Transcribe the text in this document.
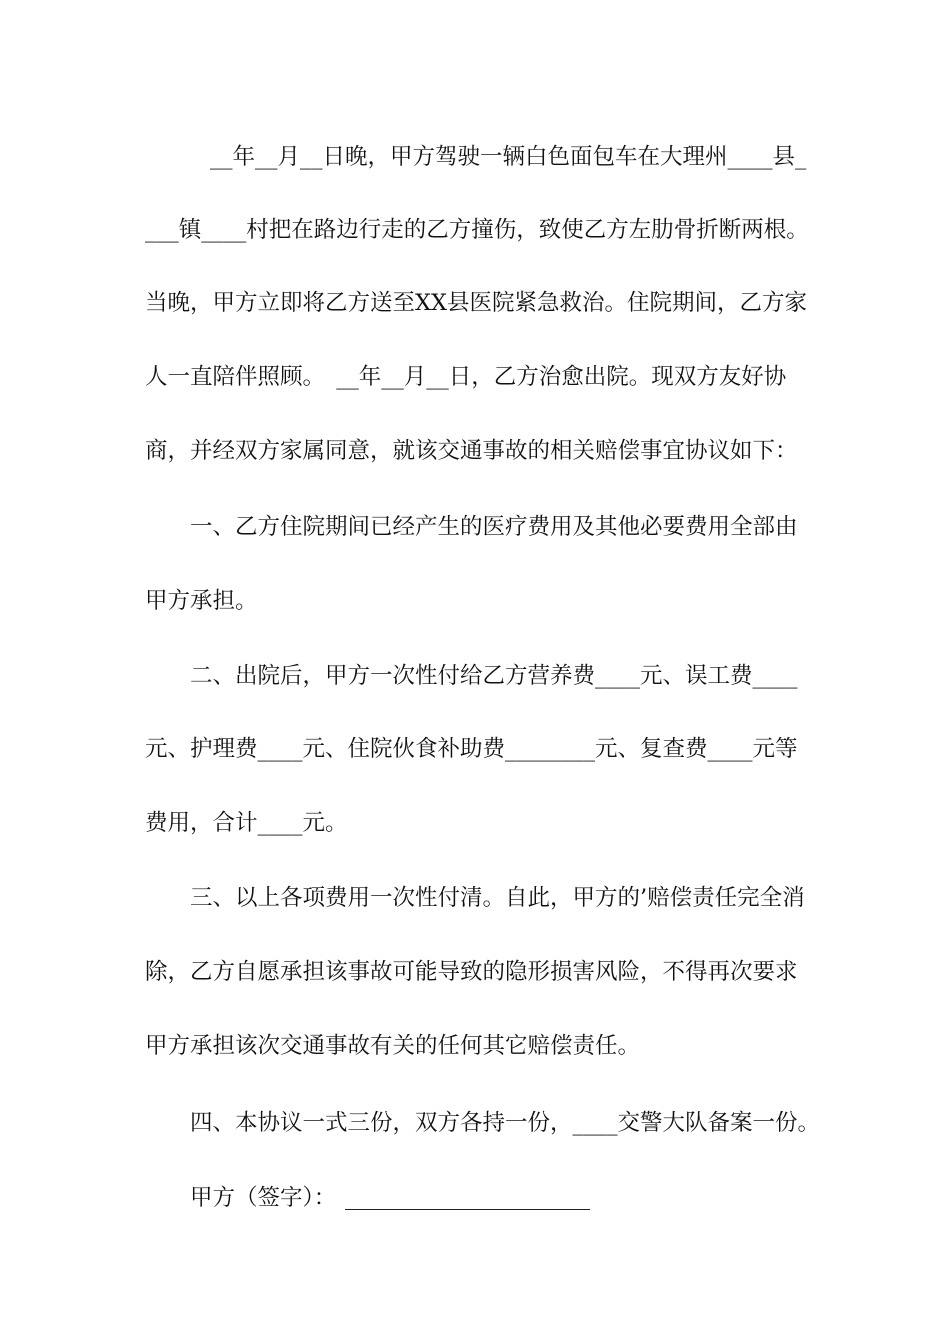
__年__月__日晚，甲方驾驶一辆白色面包车在大理州____县_
___镇____村把在路边行走的乙方撞伤，致使乙方左肋骨折断两根。
当晚，甲方立即将乙方送至XX县医院紧急救治。住院期间，乙方家
人一直陪伴照顾。　__年__月__日，乙方治愈出院。现双方友好协
商，并经双方家属同意，就该交通事故的相关赔偿事宜协议如下：
一、乙方住院期间已经产生的医疗费用及其他必要费用全部由
甲方承担。
二、出院后，甲方一次性付给乙方营养费____元、误工费____
元、护理费____元、住院伙食补助费________元、复查费____元等
费用，合计____元。
三、以上各项费用一次性付清。自此，甲方的’赔偿责任完全消
除，乙方自愿承担该事故可能导致的隐形损害风险，不得再次要求
甲方承担该次交通事故有关的任何其它赔偿责任。
四、本协议一式三份，双方各持一份，____交警大队备案一份。
甲方（签字）：
